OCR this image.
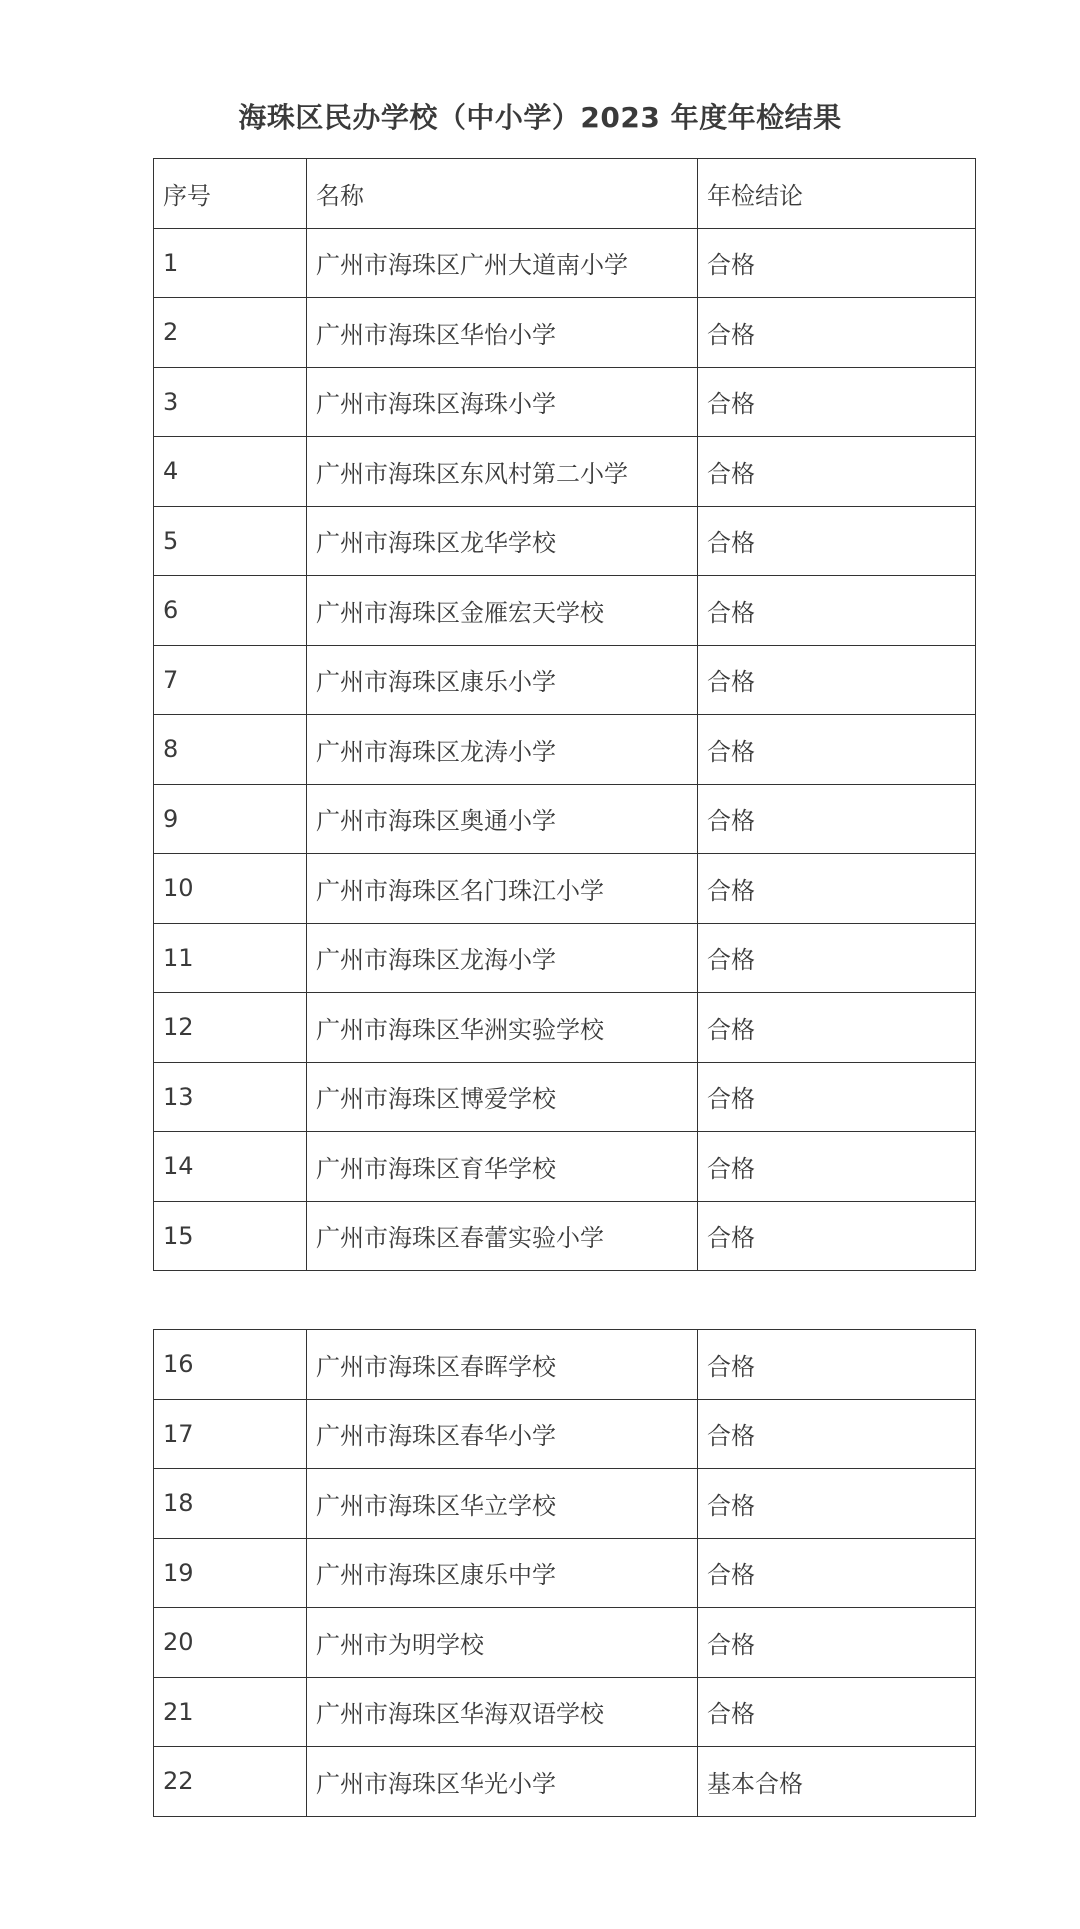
海珠区民办学校（中小学）2023 年度年检结果
序号	名称	年检结论
1	广州市海珠区广州大道南小学	合格
2	广州市海珠区华怡小学	合格
3	广州市海珠区海珠小学	合格
4	广州市海珠区东风村第二小学	合格
5	广州市海珠区龙华学校	合格
6	广州市海珠区金雁宏天学校	合格
7	广州市海珠区康乐小学	合格
8	广州市海珠区龙涛小学	合格
9	广州市海珠区奥通小学	合格
10	广州市海珠区名门珠江小学	合格
11	广州市海珠区龙海小学	合格
12	广州市海珠区华洲实验学校	合格
13	广州市海珠区博爱学校	合格
14	广州市海珠区育华学校	合格
15	广州市海珠区春蕾实验小学	合格
16	广州市海珠区春晖学校	合格
17	广州市海珠区春华小学	合格
18	广州市海珠区华立学校	合格
19	广州市海珠区康乐中学	合格
20	广州市为明学校	合格
21	广州市海珠区华海双语学校	合格
22	广州市海珠区华光小学	基本合格
